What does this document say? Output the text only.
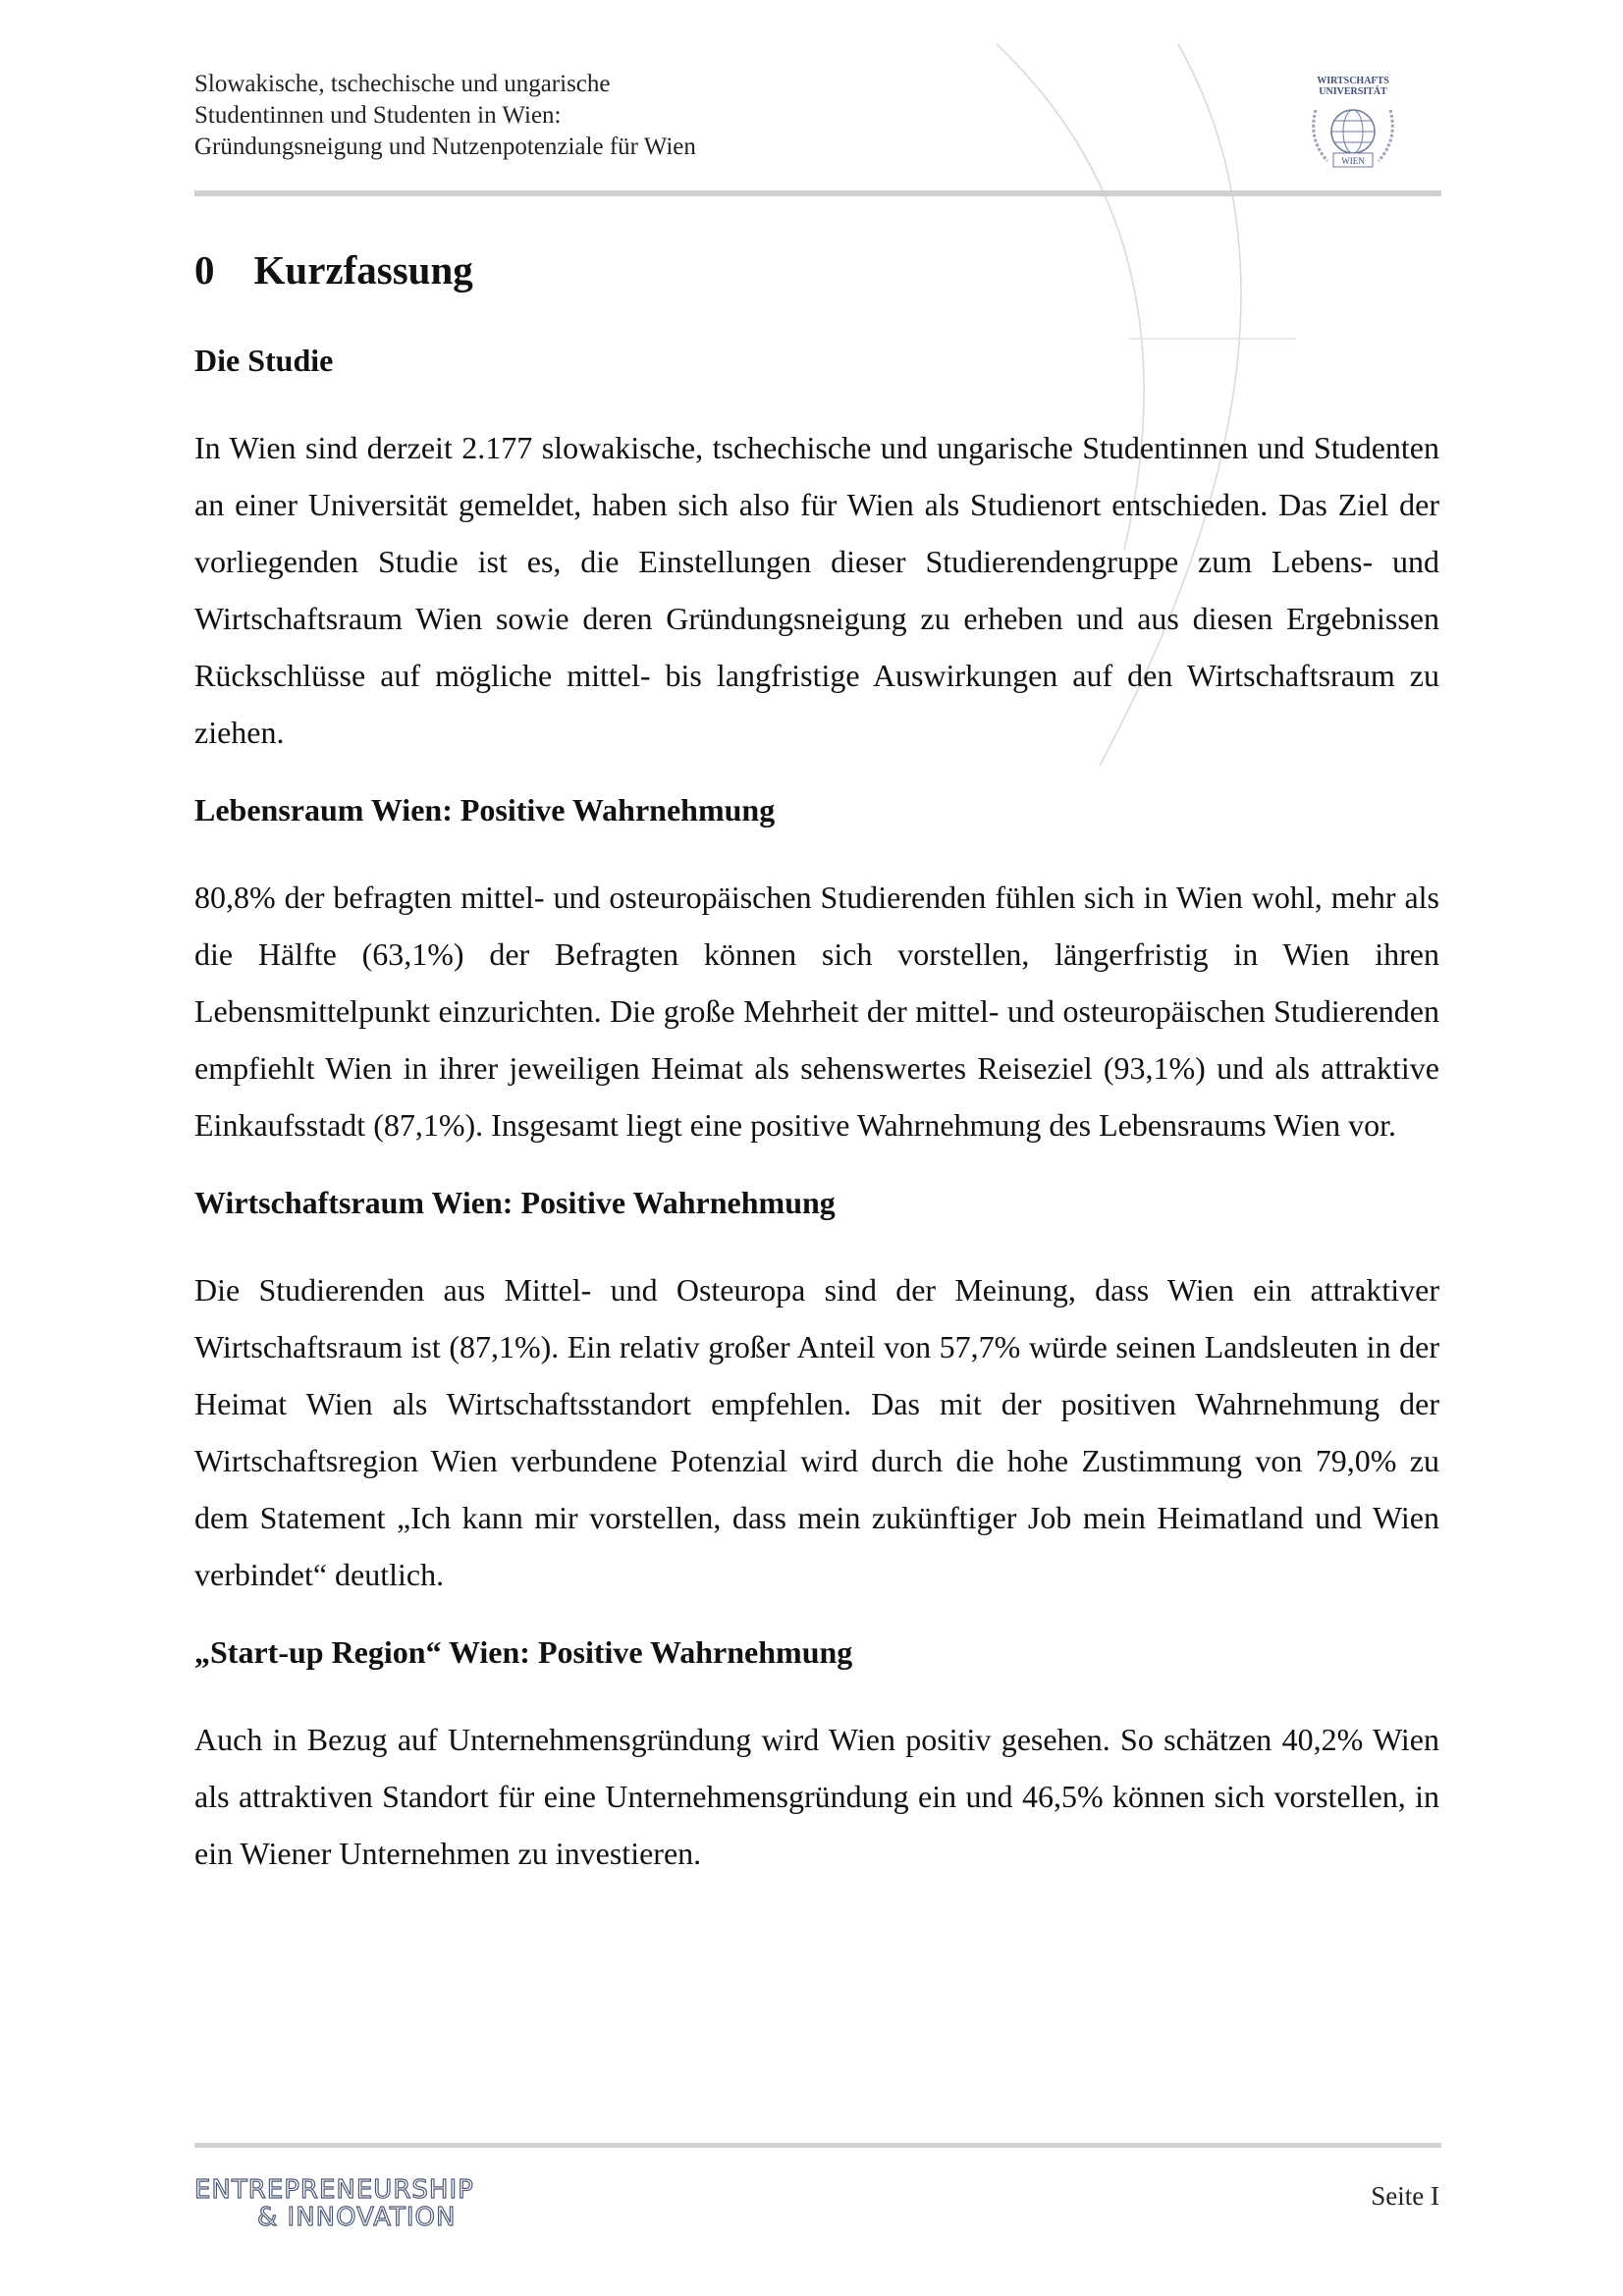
Slowakische, tschechische und ungarische
Studentinnen und Studenten in Wien:
Gründungsneigung und Nutzenpotenziale für Wien
WIRTSCHAFTS
UNIVERSITÄT
WIEN
0 Kurzfassung
Die Studie

In Wien sind derzeit 2.177 slowakische, tschechische und ungarische Studentinnen und Studenten an einer Universität gemeldet, haben sich also für Wien als Studienort entschieden. Das Ziel der vorliegenden Studie ist es, die Einstellungen dieser Studierendengruppe zum Lebens- und Wirtschaftsraum Wien sowie deren Gründungsneigung zu erheben und aus diesen Ergebnissen Rückschlüsse auf mögliche mittel- bis langfristige Auswirkungen auf den Wirtschaftsraum zu ziehen.

Lebensraum Wien: Positive Wahrnehmung

80,8% der befragten mittel- und osteuropäischen Studierenden fühlen sich in Wien wohl, mehr als die Hälfte (63,1%) der Befragten können sich vorstellen, längerfristig in Wien ihren Lebensmittelpunkt einzurichten. Die große Mehrheit der mittel- und osteuropäischen Studierenden empfiehlt Wien in ihrer jeweiligen Heimat als sehenswertes Reiseziel (93,1%) und als attraktive Einkaufsstadt (87,1%). Insgesamt liegt eine positive Wahrnehmung des Lebensraums Wien vor.

Wirtschaftsraum Wien: Positive Wahrnehmung

Die Studierenden aus Mittel- und Osteuropa sind der Meinung, dass Wien ein attraktiver Wirtschaftsraum ist (87,1%). Ein relativ großer Anteil von 57,7% würde seinen Landsleuten in der Heimat Wien als Wirtschaftsstandort empfehlen. Das mit der positiven Wahrnehmung der Wirtschaftsregion Wien verbundene Potenzial wird durch die hohe Zustimmung von 79,0% zu dem Statement „Ich kann mir vorstellen, dass mein zukünftiger Job mein Heimatland und Wien verbindet“ deutlich.

„Start-up Region“ Wien: Positive Wahrnehmung

Auch in Bezug auf Unternehmensgründung wird Wien positiv gesehen. So schätzen 40,2% Wien als attraktiven Standort für eine Unternehmensgründung ein und 46,5% können sich vorstellen, in ein Wiener Unternehmen zu investieren.

ENTREPRENEURSHIP
& INNOVATION
Seite I
